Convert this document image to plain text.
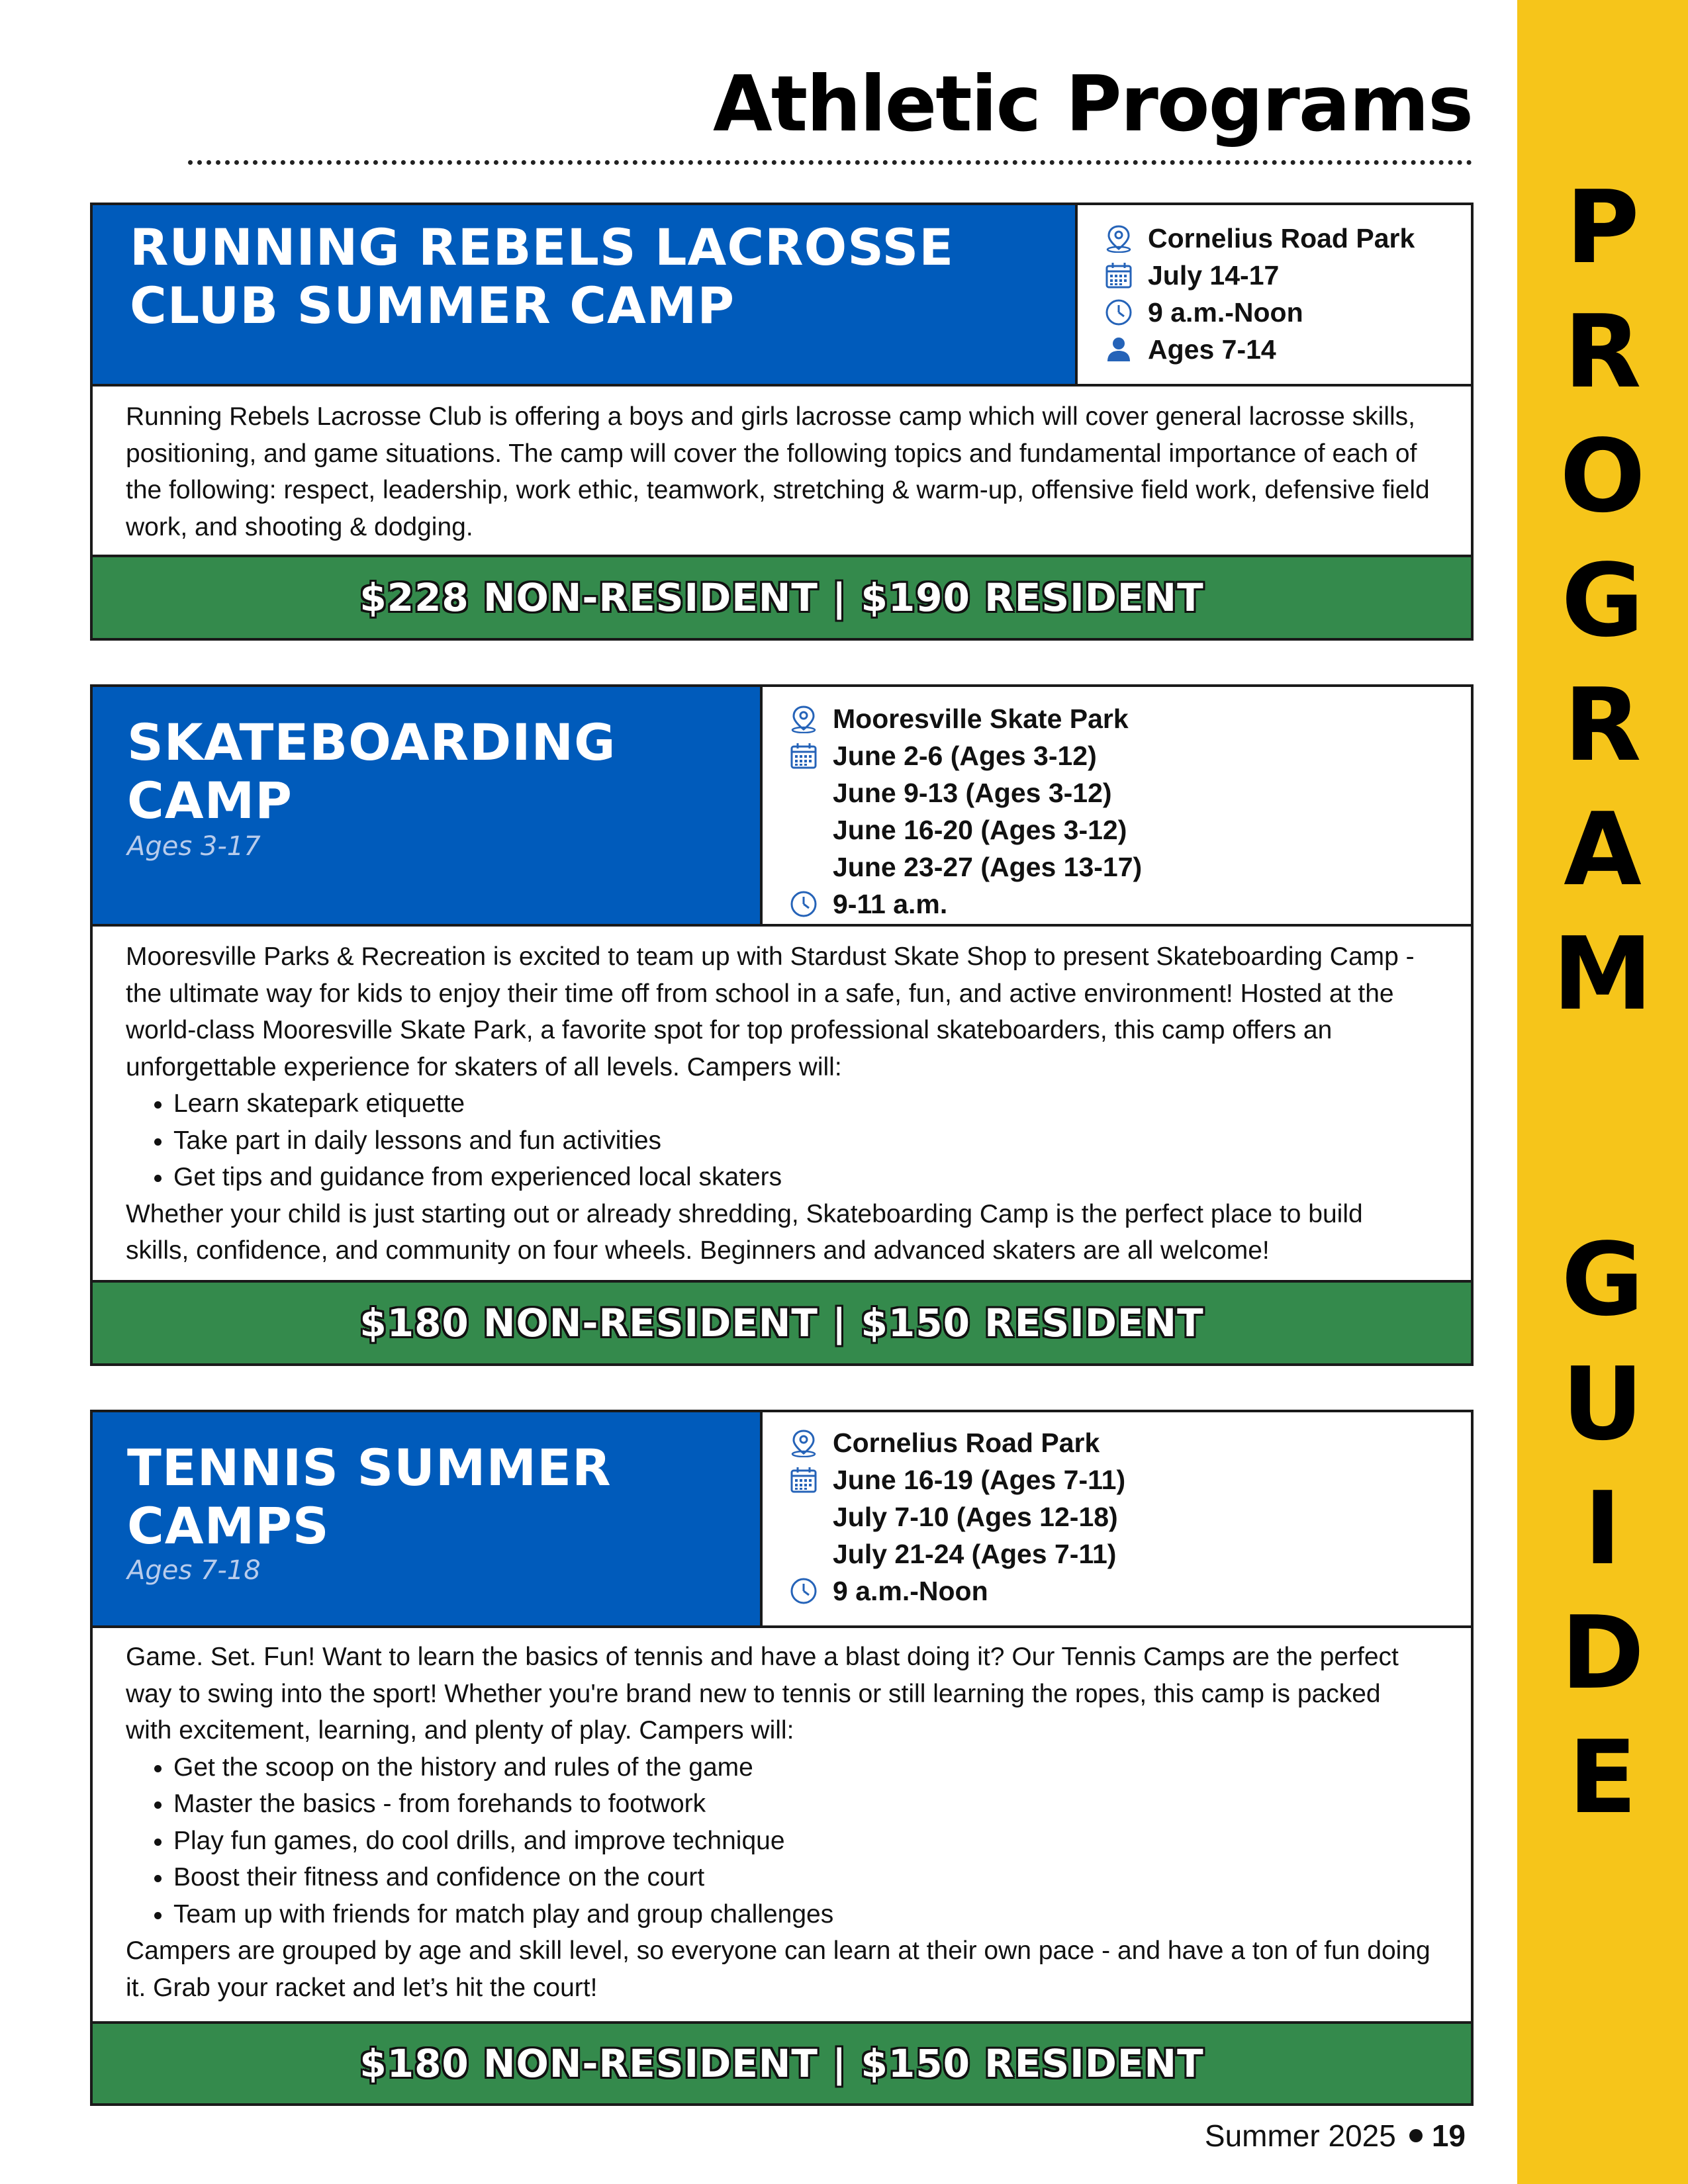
P
R
O
G
R
A
M
G
U
I
D
E
Athletic Programs
RUNNING REBELS LACROSSE
CLUB SUMMER CAMP
Cornelius Road Park
July 14-17
9 a.m.-Noon
Ages 7-14

Running Rebels Lacrosse Club is offering a boys and girls lacrosse camp which will cover general lacrosse skills, positioning, and game situations. The camp will cover the following topics and fundamental importance of each of the following: respect, leadership, work ethic, teamwork, stretching & warm-up, offensive field work, defensive field work, and shooting & dodging.

$228 NON-RESIDENT | $190 RESIDENT
SKATEBOARDING
CAMP
Ages 3-17
Mooresville Skate Park
June 2-6 (Ages 3-12)
June 9-13 (Ages 3-12)
June 16-20 (Ages 3-12)
June 23-27 (Ages 13-17)
9-11 a.m.

Mooresville Parks & Recreation is excited to team up with Stardust Skate Shop to present Skateboarding Camp - the ultimate way for kids to enjoy their time off from school in a safe, fun, and active environment! Hosted at the world-class Mooresville Skate Park, a favorite spot for top professional skateboarders, this camp offers an unforgettable experience for skaters of all levels. Campers will:

• Learn skatepark etiquette
• Take part in daily lessons and fun activities
• Get tips and guidance from experienced local skaters

Whether your child is just starting out or already shredding, Skateboarding Camp is the perfect place to build skills, confidence, and community on four wheels. Beginners and advanced skaters are all welcome!

$180 NON-RESIDENT | $150 RESIDENT
TENNIS SUMMER
CAMPS
Ages 7-18
Cornelius Road Park
June 16-19 (Ages 7-11)
July 7-10 (Ages 12-18)
July 21-24 (Ages 7-11)
9 a.m.-Noon

Game. Set. Fun! Want to learn the basics of tennis and have a blast doing it? Our Tennis Camps are the perfect way to swing into the sport! Whether you're brand new to tennis or still learning the ropes, this camp is packed with excitement, learning, and plenty of play. Campers will:

• Get the scoop on the history and rules of the game
• Master the basics - from forehands to footwork
• Play fun games, do cool drills, and improve technique
• Boost their fitness and confidence on the court
• Team up with friends for match play and group challenges

Campers are grouped by age and skill level, so everyone can learn at their own pace - and have a ton of fun doing it. Grab your racket and let’s hit the court!

$180 NON-RESIDENT | $150 RESIDENT
Summer 2025 19
